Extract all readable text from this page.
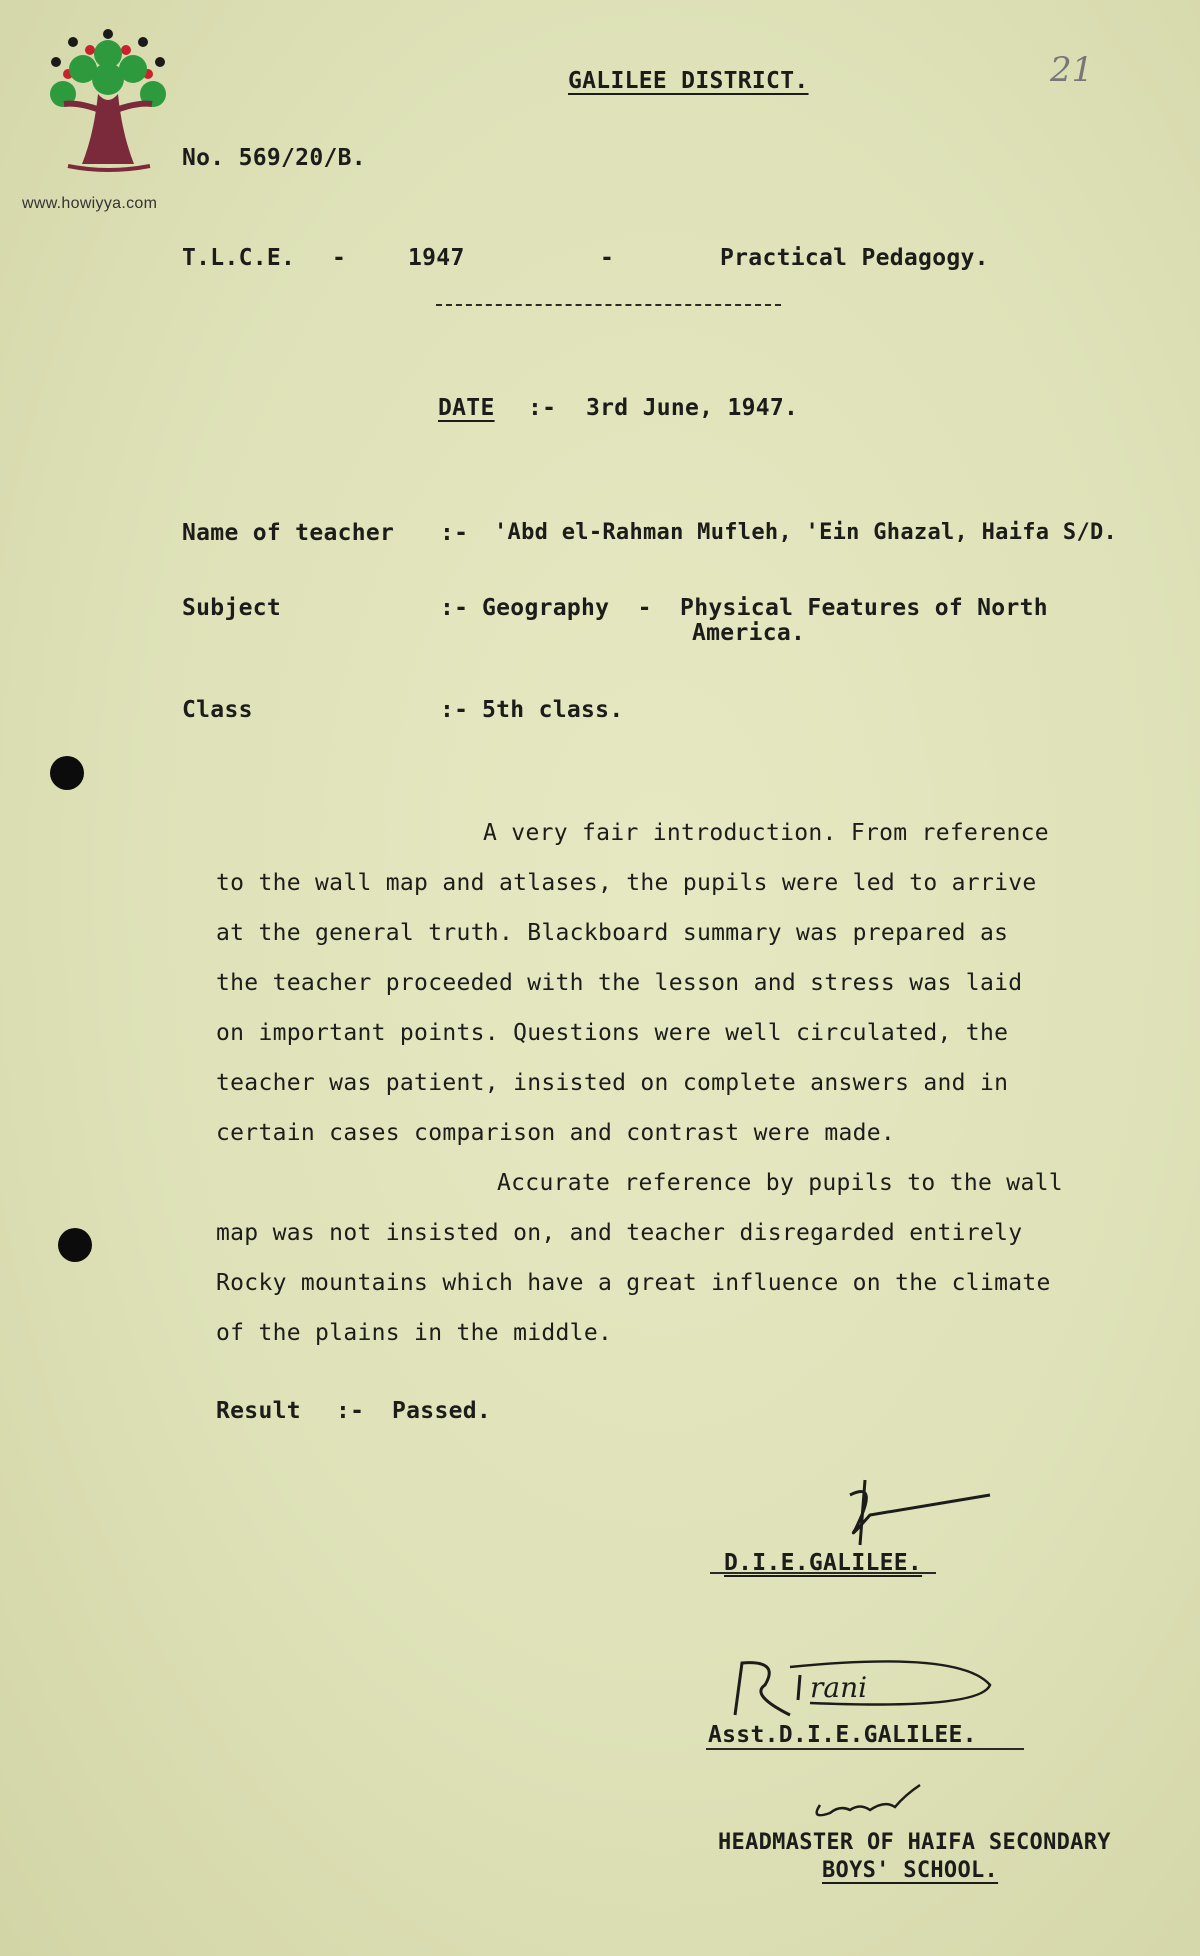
www.howiyya.com
21
GALILEE DISTRICT.
No. 569/20/B.
T.L.C.E. -	1947	-	Practical Pedagogy.
DATE :- 3rd June, 1947.
Name of teacher :- 'Abd el-Rahman Mufleh, 'Ein Ghazal, Haifa S/D.
Subject	:- Geography  -  Physical Features of North
America.
Class	:- 5th class.
A very fair introduction. From reference
to the wall map and atlases, the pupils were led to arrive
at the general truth. Blackboard summary was prepared as
the teacher proceeded with the lesson and stress was laid
on important points. Questions were well circulated, the
teacher was patient, insisted on complete answers and in
certain cases comparison and contrast were made.
Accurate reference by pupils to the wall
map was not insisted on, and teacher disregarded entirely
Rocky mountains which have a great influence on the climate
of the plains in the middle.
Result :- Passed.
D.I.E.GALILEE.
rani
Asst.D.I.E.GALILEE.
HEADMASTER OF HAIFA SECONDARY
BOYS' SCHOOL.
